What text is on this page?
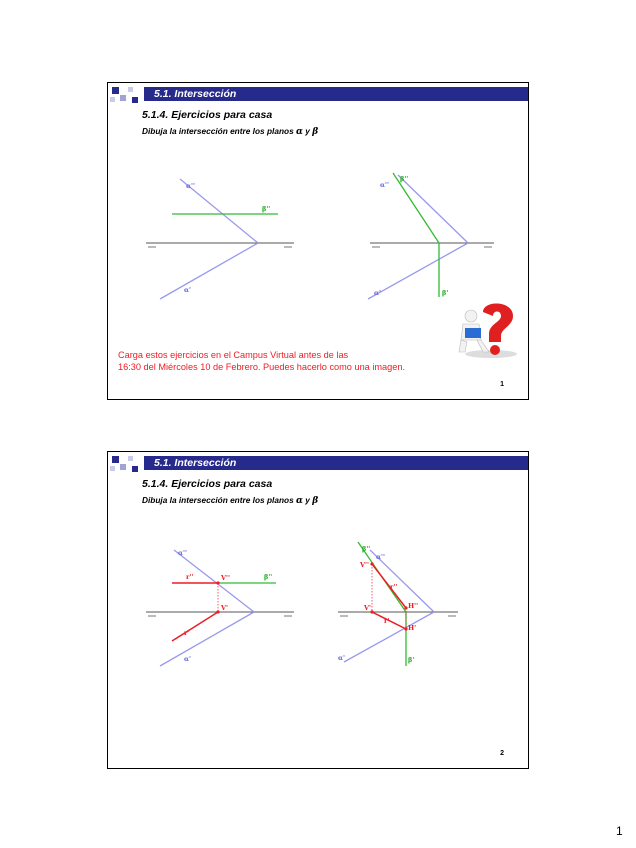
5.1. Intersección
5.1.4. Ejercicios para casa
Dibuja la intersección entre los planos α y β
α''
β''
α'
β''
α''
β'
α'
Carga estos ejercicios en el Campus Virtual antes de las
16:30 del Miércoles 10 de Febrero. Puedes hacerlo como una imagen.
1
5.1. Intersección
5.1.4. Ejercicios para casa
Dibuja la intersección entre los planos α y β
α''
r''	V''	β''
V'
r'
α'
β''
α''
V''
r''
V'	H''
r'
H'
α'	β'
2
1
